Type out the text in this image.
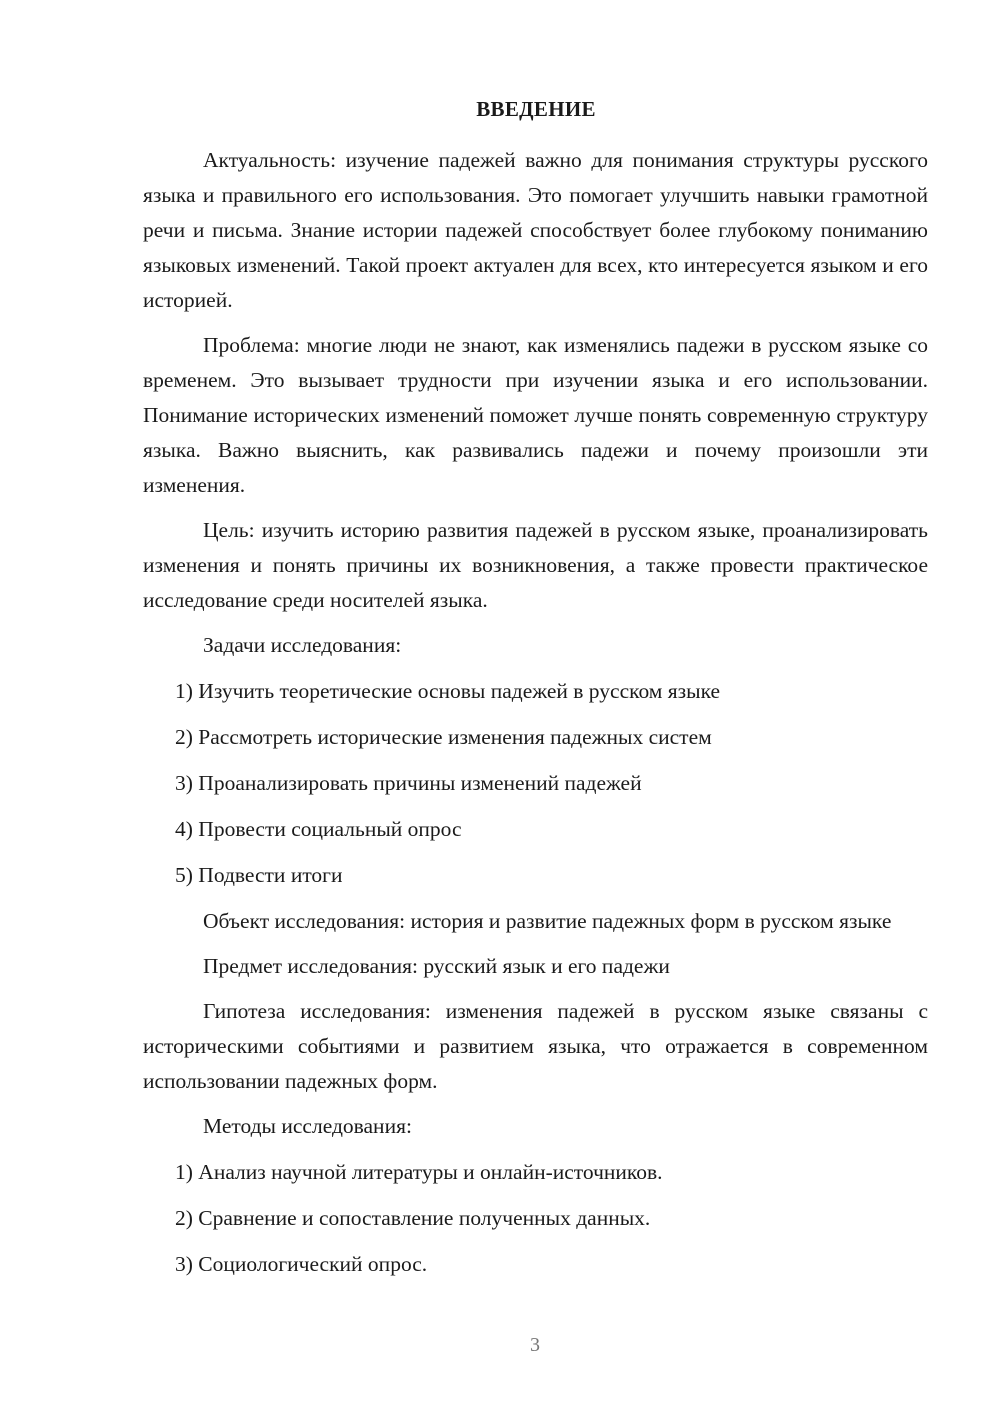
ВВЕДЕНИЕ

Актуальность: изучение падежей важно для понимания структуры русского языка и правильного его использования. Это помогает улучшить навыки грамотной речи и письма. Знание истории падежей способствует более глубокому пониманию языковых изменений. Такой проект актуален для всех, кто интересуется языком и его историей.

Проблема: многие люди не знают, как изменялись падежи в русском языке со временем. Это вызывает трудности при изучении языка и его использовании. Понимание исторических изменений поможет лучше понять современную структуру языка. Важно выяснить, как развивались падежи и почему произошли эти изменения.

Цель: изучить историю развития падежей в русском языке, проанализировать изменения и понять причины их возникновения, а также провести практическое исследование среди носителей языка.

Задачи исследования:

1) Изучить теоретические основы падежей в русском языке
2) Рассмотреть исторические изменения падежных систем
3) Проанализировать причины изменений падежей
4) Провести социальный опрос
5) Подвести итоги

Объект исследования: история и развитие падежных форм в русском языке

Предмет исследования: русский язык и его падежи

Гипотеза исследования: изменения падежей в русском языке связаны с историческими событиями и развитием языка, что отражается в современном использовании падежных форм.

Методы исследования:

1) Анализ научной литературы и онлайн-источников.
2) Сравнение и сопоставление полученных данных.
3) Социологический опрос.
3
